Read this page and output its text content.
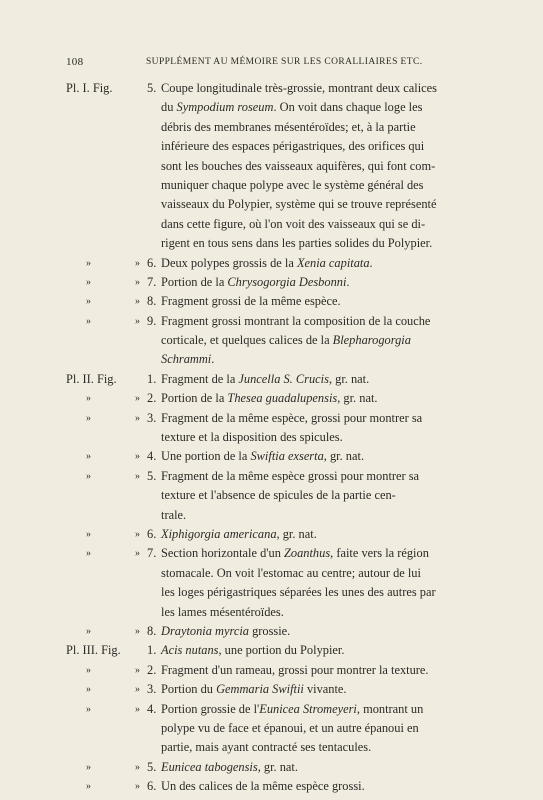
108	SUPPLÉMENT AU MÉMOIRE SUR LES CORALLIAIRES ETC.
Pl. I. Fig.	5. Coupe longitudinale très-grossie, montrant deux calices
du Sympodium roseum. On voit dans chaque loge les
débris des membranes mésentéroïdes; et, à la partie
inférieure des espaces périgastriques, des orifices qui
sont les bouches des vaisseaux aquifères, qui font com-
muniquer chaque polype avec le système général des
vaisseaux du Polypier, système qui se trouve représenté
dans cette figure, où l'on voit des vaisseaux qui se di-
rigent en tous sens dans les parties solides du Polypier.
»	» 6. Deux polypes grossis de la Xenia capitata.
»	» 7. Portion de la Chrysogorgia Desbonni.
»	» 8. Fragment grossi de la même espèce.
»	» 9. Fragment grossi montrant la composition de la couche
corticale, et quelques calices de la Blepharogorgia
Schrammi.
Pl. II. Fig. 1. Fragment de la Juncella S. Crucis, gr. nat.
»	» 2. Portion de la Thesea guadalupensis, gr. nat.
»	» 3. Fragment de la même espèce, grossi pour montrer sa
texture et la disposition des spicules.
»	» 4. Une portion de la Swiftia exserta, gr. nat.
»	» 5. Fragment de la même espèce grossi pour montrer sa
texture et l'absence de spicules de la partie cen-
trale.
»	» 6. Xiphigorgia americana, gr. nat.
»	» 7. Section horizontale d'un Zoanthus, faite vers la région
stomacale. On voit l'estomac au centre; autour de lui
les loges périgastriques séparées les unes des autres par
les lames mésentéroïdes.
»	» 8. Draytonia myrcia grossie.
Pl. III. Fig. 1. Acis nutans, une portion du Polypier.
»	» 2. Fragment d'un rameau, grossi pour montrer la texture.
»	» 3. Portion du Gemmaria Swiftii vivante.
»	» 4. Portion grossie de l'Eunicea Stromeyeri, montrant un
polype vu de face et épanoui, et un autre épanoui en
partie, mais ayant contracté ses tentacules.
»	» 5. Eunicea tabogensis, gr. nat.
»	» 6. Un des calices de la même espèce grossi.
